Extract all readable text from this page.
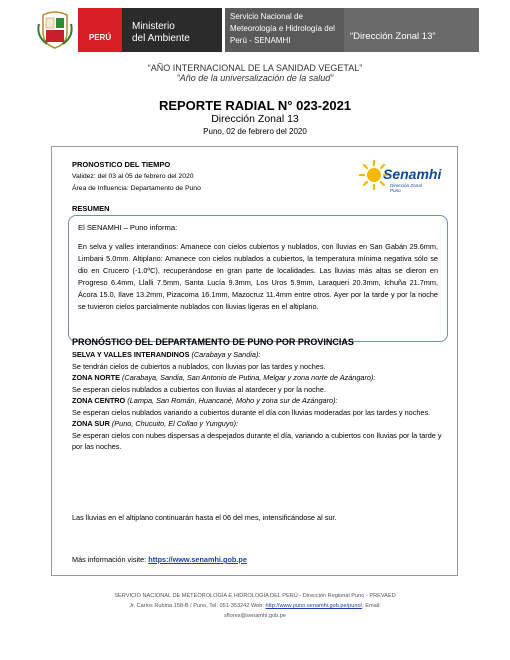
PERÚ
Ministerio
del Ambiente
Servicio Nacional de
Meteorología e Hidrología del
Perú - SENAMHI	“Dirección Zonal 13”
“AÑO INTERNACIONAL DE LA SANIDAD VEGETAL”
“Año de la universalización de la salud”
REPORTE RADIAL N° 023-2021
Dirección Zonal 13
Puno, 02 de febrero del 2020
PRONOSTICO DEL TIEMPO
Validez: del 03 al 05 de febrero del 2020
Área de Influencia: Departamento de Puno
Senamhi
Dirección Zonal Puno
RESUMEN
El SENAMHI – Puno informa:
En selva y valles interandinos: Amanece con cielos cubiertos y nublados, con lluvias en San Gabán 29.6mm, Limbani 5.0mm. Altiplano: Amanece con cielos nublados a cubiertos, la temperatura mínima negativa sólo se dio en Crucero (-1.0ºC), recuperándose en gran parte de localidades. Las lluvias más altas se dieron en Progreso 6.4mm, Llalli 7.5mm, Santa Lucía 9.3mm, Los Uros 5.9mm, Laraqueri 20.3mm, Ichuña 21.7mm, Ácora 15.0, Ilave 13.2mm, Pizacoma 16.1mm, Mazocruz 11.4mm entre otros. Ayer por la tarde y por la noche se tuvieron cielos parcialmente nublados con lluvias ligeras en el altiplano.
PRONÓSTICO DEL DEPARTAMENTO DE PUNO POR PROVINCIAS
SELVA Y VALLES INTERANDINOS (Carabaya y Sandia):
Se tendrán cielos de cubiertos a nublados, con lluvias por las tardes y noches.
ZONA NORTE (Carabaya, Sandia, San Antonio de Putina, Melgar y zona norte de Azángaro):
Se esperan cielos nublados a cubiertos con lluvias al atardecer y por la noche.
ZONA CENTRO (Lampa, San Román, Huancané, Moho y zona sur de Azángaro):
Se esperan cielos nublados variando a cubiertos durante el día con lluvias moderadas por las tardes y noches.
ZONA SUR (Puno, Chucuito, El Collao y Yunguyo):
Se esperan cielos con nubes dispersas a despejados durante el día, variando a cubiertos con lluvias por la tarde y por las noches.
Las lluvias en el altiplano continuarán hasta el 06 del mes, intensificándose al sur.
Más información visite: https://www.senamhi.gob.pe
SERVICIO NACIONAL DE METEOROLOGÍA E HIDROLOGÍA DEL PERÚ - Dirección Regional Puno - PREVAED
Jr. Carlos Rubina 158-B / Puno, Tel: 051-353242 Web: http://www.puno.senamhi.gob.pe/puno/; Email:
sflores@senamhi.gob.pe
